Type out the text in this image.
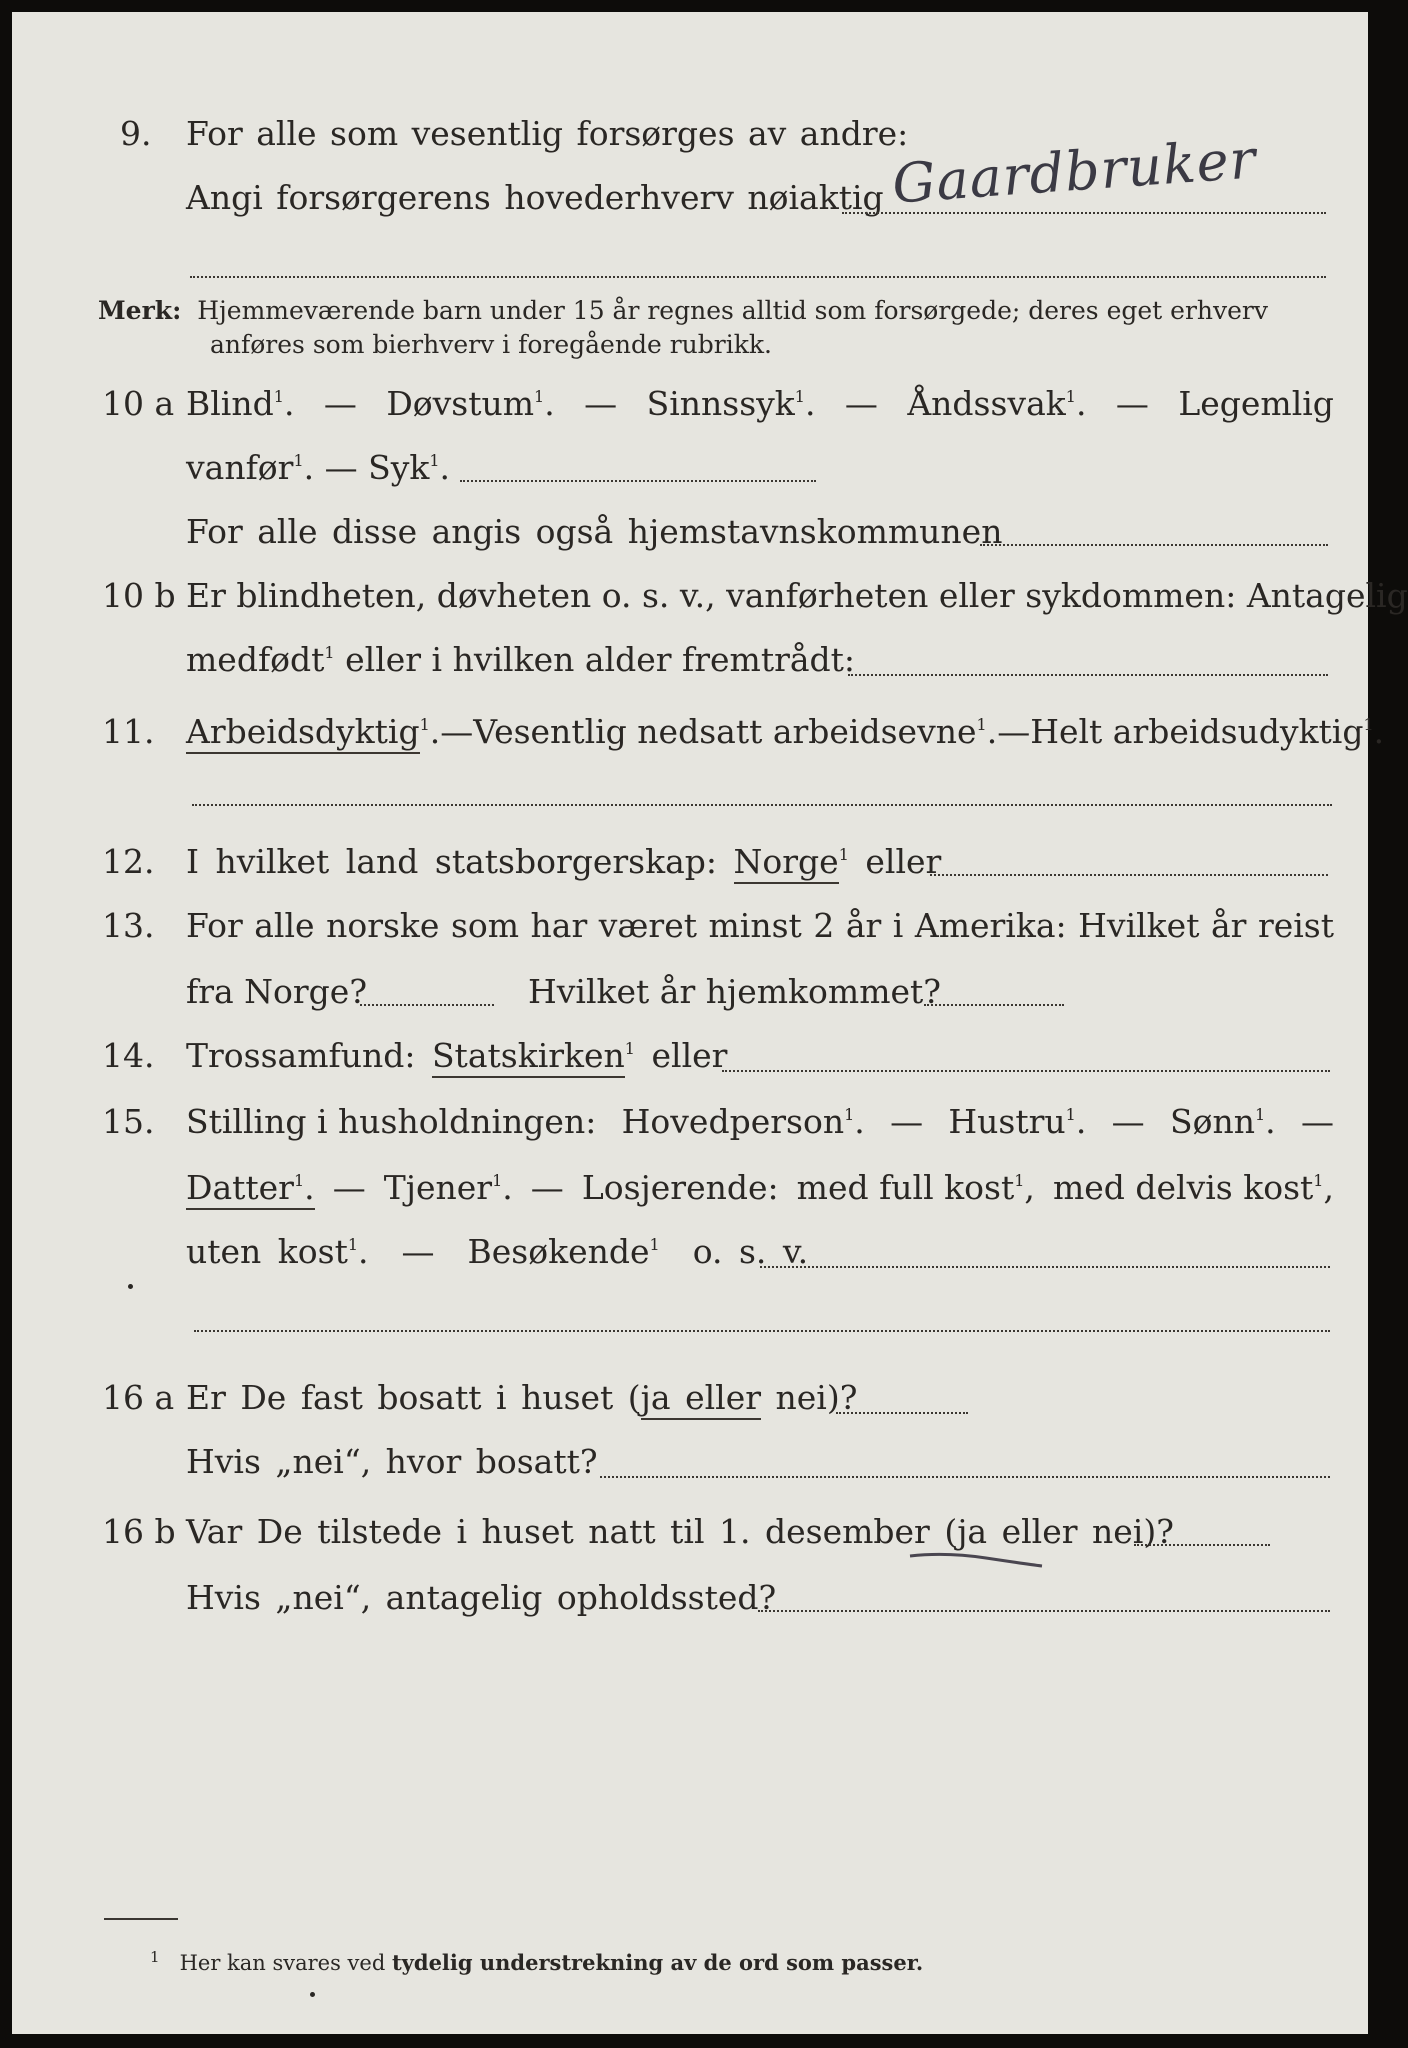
9. For alle som vesentlig forsørges av andre:
Angi forsørgerens hovederhverv nøiaktig Gaardbruker
Merk: Hjemmeværende barn under 15 år regnes alltid som forsørgede; deres eget erhverv
anføres som bierhverv i foregående rubrikk.
10 a Blind$^1$. — Døvstum$^1$. — Sinnssyk$^1$. — Åndssvak$^1$. — Legemlig
vanfør$^1$. — Syk$^1$.
For alle disse angis også hjemstavnskommunen
10 b Er blindheten, døvheten o. s. v., vanførheten eller sykdommen: Antagelig
medfødt$^1$ eller i hvilken alder fremtrådt:
11. Arbeidsdyktig$^1$. — Vesentlig nedsatt arbeidsevne$^1$. — Helt arbeidsudyktig$^1$.
12. I hvilket land statsborgerskap: Norge$^1$ eller
13. For alle norske som har været minst 2 år i Amerika: Hvilket år reist
fra Norge?	Hvilket år hjemkommet?
14. Trossamfund: Statskirken$^1$ eller
15. Stilling i husholdningen: Hovedperson$^1$. — Hustru$^1$. — Sønn$^1$. —
Datter$^1$. — Tjener$^1$. — Losjerende: med full kost$^1$, med delvis kost$^1$,
uten kost$^1$.  — Besøkende$^1$ o. s. v.
16 a Er De fast bosatt i huset (ja eller nei)?
Hvis „nei“, hvor bosatt?
16 b Var De tilstede i huset natt til 1. desember (ja eller nei)?
Hvis „nei“, antagelig opholdssted?
$^1$ Her kan svares ved tydelig understrekning av de ord som passer.
